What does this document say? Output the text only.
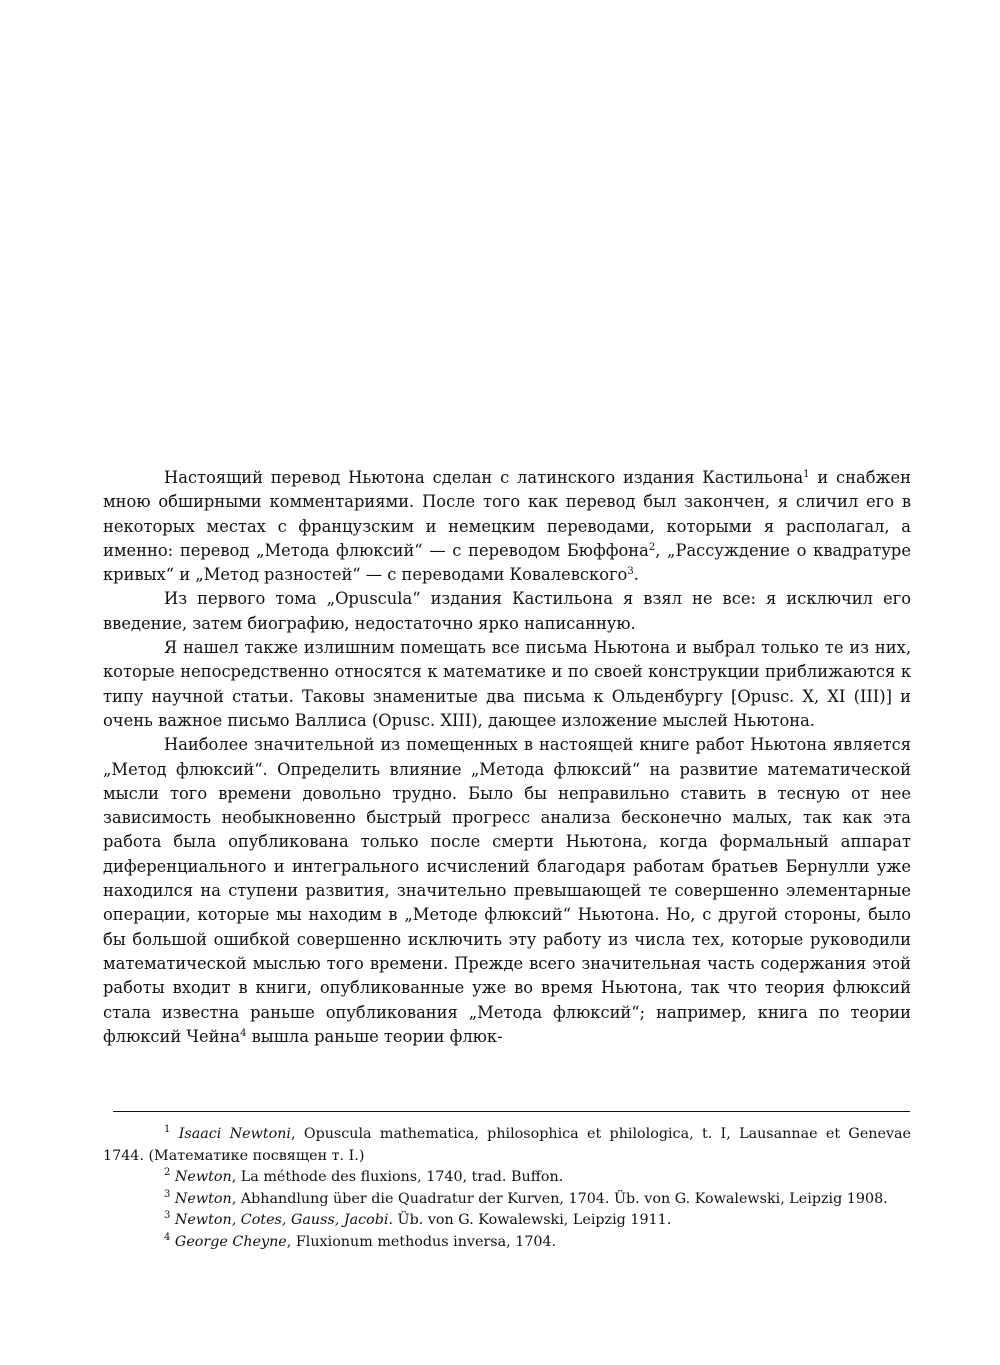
Настоящий перевод Ньютона сделан с латинского издания Кастильона$^1$ и снабжен мною обширными комментариями. После того как перевод был закончен, я сличил его в некоторых местах с французским и немецким переводами, которыми я располагал, а именно: перевод „Метода флюксий“ — с переводом Бюффона$^2$, „Рассуждение о квадратуре кривых“ и „Метод разностей“ — с переводами Ковалевского$^3$.

Из первого тома „Opuscula“ издания Кастильона я взял не все: я исключил его введение, затем биографию, недостаточно ярко написанную.

Я нашел также излишним помещать все письма Ньютона и выбрал только те из них, которые непосредственно относятся к математике и по своей конструкции приближаются к типу научной статьи. Таковы знаменитые два письма к Ольденбургу [Opusc. X, XI (III)] и очень важное письмо Валлиса (Opusc. XIII), дающее изложение мыслей Ньютона.

Наиболее значительной из помещенных в настоящей книге работ Ньютона является „Метод флюксий“. Определить влияние „Метода флюксий“ на развитие математической мысли того времени довольно трудно. Было бы неправильно ставить в тесную от нее зависимость необыкновенно быстрый прогресс анализа бесконечно малых, так как эта работа была опубликована только после смерти Ньютона, когда формальный аппарат диференциального и интегрального исчислений благодаря работам братьев Бернулли уже находился на ступени развития, значительно превышающей те совершенно элементарные операции, которые мы находим в „Методе флюксий“ Ньютона. Но, с другой стороны, было бы большой ошибкой совершенно исключить эту работу из числа тех, которые руководили математической мыслью того времени. Прежде всего значительная часть содержания этой работы входит в книги, опубликованные уже во время Ньютона, так что теория флюксий стала известна раньше опубликования „Метода флюксий“; например, книга по теории флюксий Чейна$^4$ вышла раньше теории флюк-

$^1$ Isaaci Newtoni, Opuscula mathematica, philosophica et philologica, t. I, Lausannae et Genevae 1744. (Математике посвящен т. I.)

$^2$ Newton, La méthode des fluxions, 1740, trad. Buffon.

$^3$ Newton, Abhandlung über die Quadratur der Kurven, 1704. Üb. von G. Kowalewski, Leipzig 1908.

$^3$ Newton, Cotes, Gauss, Jacobi. Üb. von G. Kowalewski, Leipzig 1911.

$^4$ George Cheyne, Fluxionum methodus inversa, 1704.
